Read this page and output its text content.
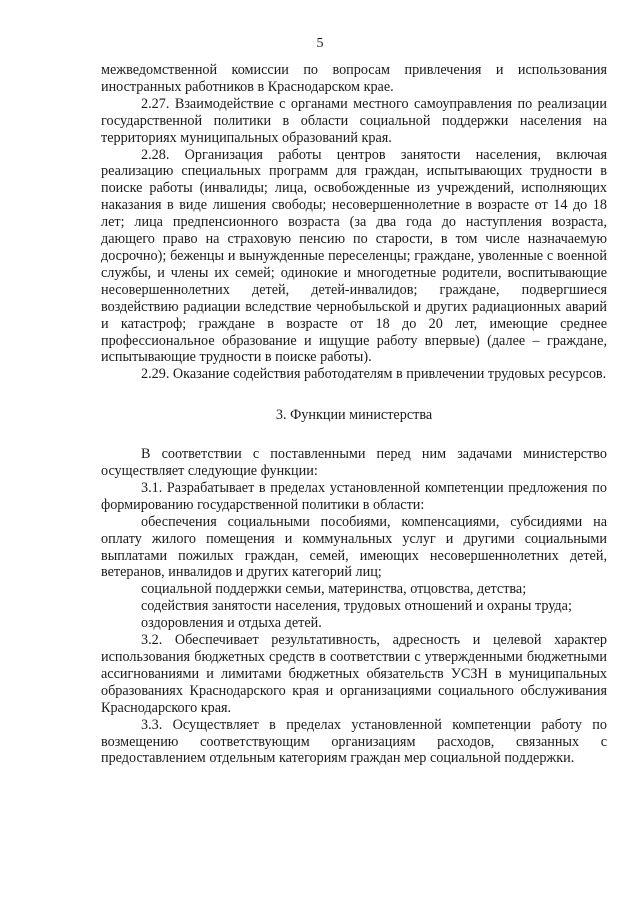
5

межведомственной комиссии по вопросам привлечения и использования иностранных работников в Краснодарском крае.

2.27. Взаимодействие с органами местного самоуправления по реализации государственной политики в области социальной поддержки населения на территориях муниципальных образований края.

2.28. Организация работы центров занятости населения, включая реализацию специальных программ для граждан, испытывающих трудности в поиске работы (инвалиды; лица, освобожденные из учреждений, исполняющих наказания в виде лишения свободы; несовершеннолетние в возрасте от 14 до 18 лет; лица предпенсионного возраста (за два года до наступления возраста, дающего право на страховую пенсию по старости, в том числе назначаемую досрочно); беженцы и вынужденные переселенцы; граждане, уволенные с военной службы, и члены их семей; одинокие и многодетные родители, воспитывающие несовершеннолетних детей, детей-инвалидов; граждане, подвергшиеся воздействию радиации вследствие чернобыльской и других радиационных аварий и катастроф; граждане в возрасте от 18 до 20 лет, имеющие среднее профессиональное образование и ищущие работу впервые) (далее – граждане, испытывающие трудности в поиске работы).

2.29. Оказание содействия работодателям в привлечении трудовых ресурсов.

3. Функции министерства

В соответствии с поставленными перед ним задачами министерство осуществляет следующие функции:

3.1. Разрабатывает в пределах установленной компетенции предложения по формированию государственной политики в области:

обеспечения социальными пособиями, компенсациями, субсидиями на оплату жилого помещения и коммунальных услуг и другими социальными выплатами пожилых граждан, семей, имеющих несовершеннолетних детей, ветеранов, инвалидов и других категорий лиц;

социальной поддержки семьи, материнства, отцовства, детства;

содействия занятости населения, трудовых отношений и охраны труда;

оздоровления и отдыха детей.

3.2. Обеспечивает результативность, адресность и целевой характер использования бюджетных средств в соответствии с утвержденными бюджетными ассигнованиями и лимитами бюджетных обязательств УСЗН в муниципальных образованиях Краснодарского края и организациями социального обслуживания Краснодарского края.

3.3. Осуществляет в пределах установленной компетенции работу по возмещению соответствующим организациям расходов, связанных с предоставлением отдельным категориям граждан мер социальной поддержки.
